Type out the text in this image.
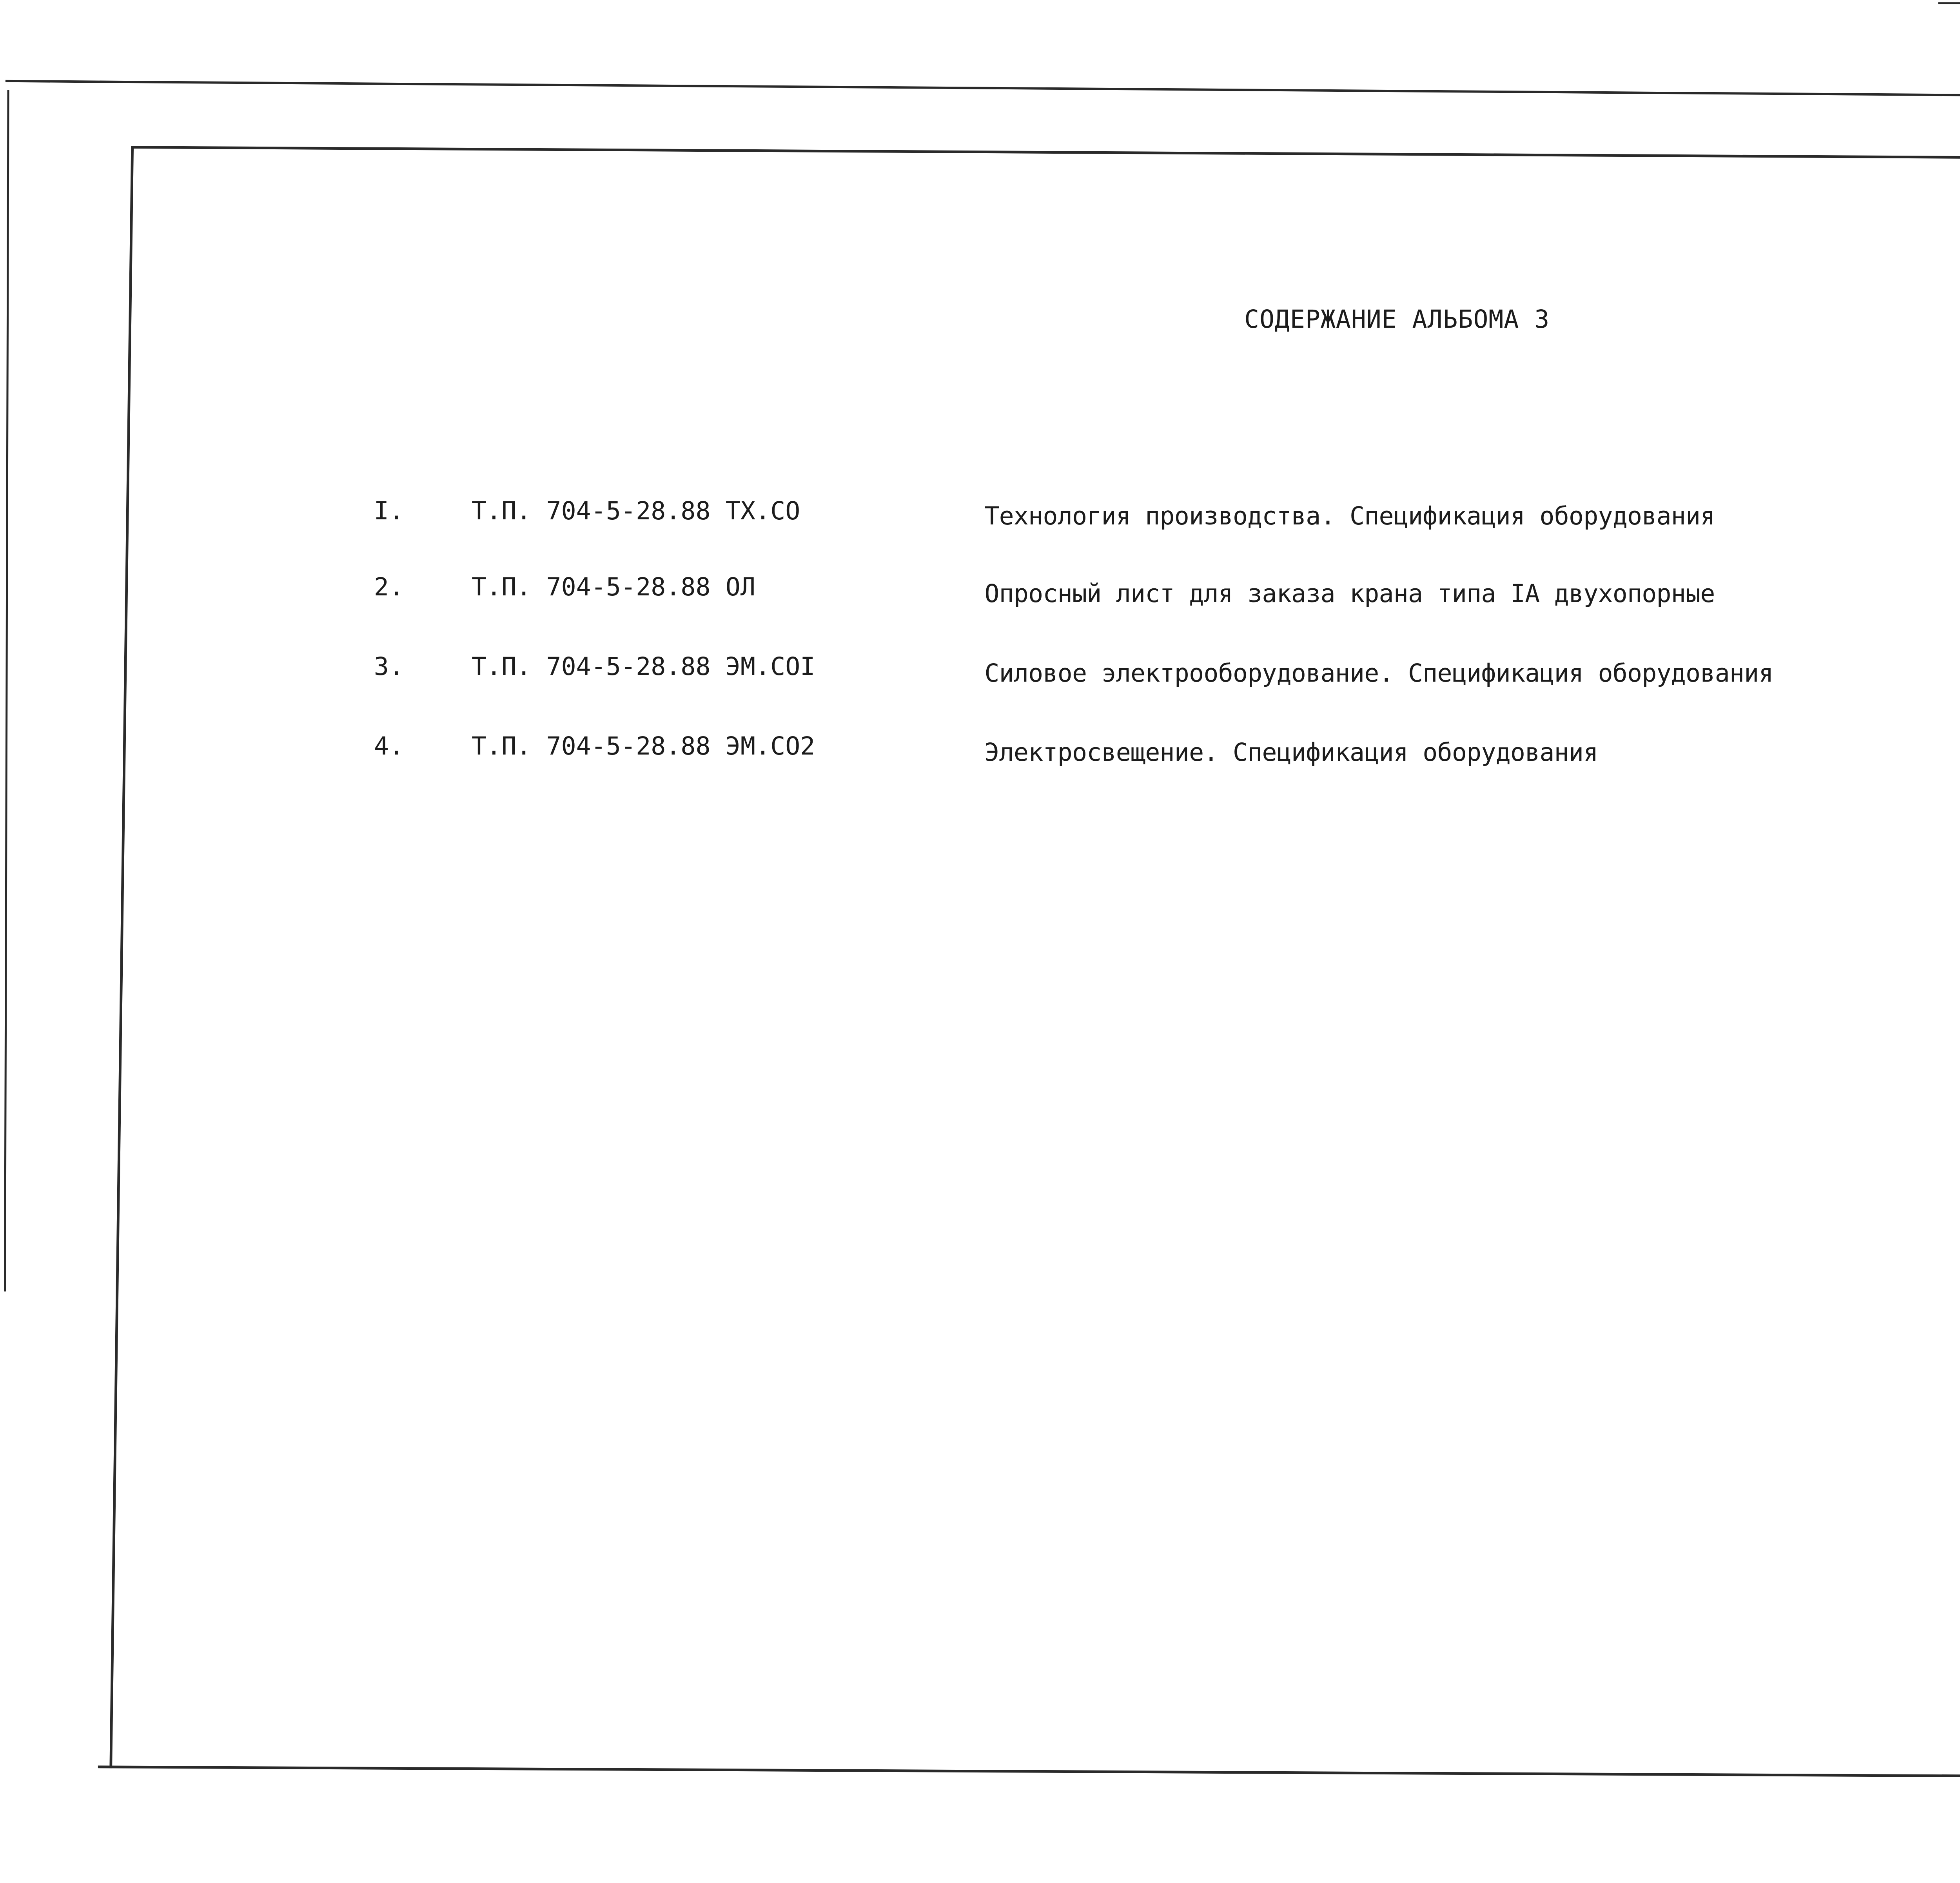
СОДЕРЖАНИЕ АЛЬБОМА 3
I.	Т.П. 704-5-28.88 ТХ.СО	Технология производства. Спецификация оборудования
2.	Т.П. 704-5-28.88 ОЛ	Опросный лист для заказа крана типа IA двухопорные
3.	Т.П. 704-5-28.88 ЭМ.СОI	Силовое электрооборудование. Спецификация оборудования
4.	Т.П. 704-5-28.88 ЭМ.СО2	Электросвещение. Спецификация оборудования
